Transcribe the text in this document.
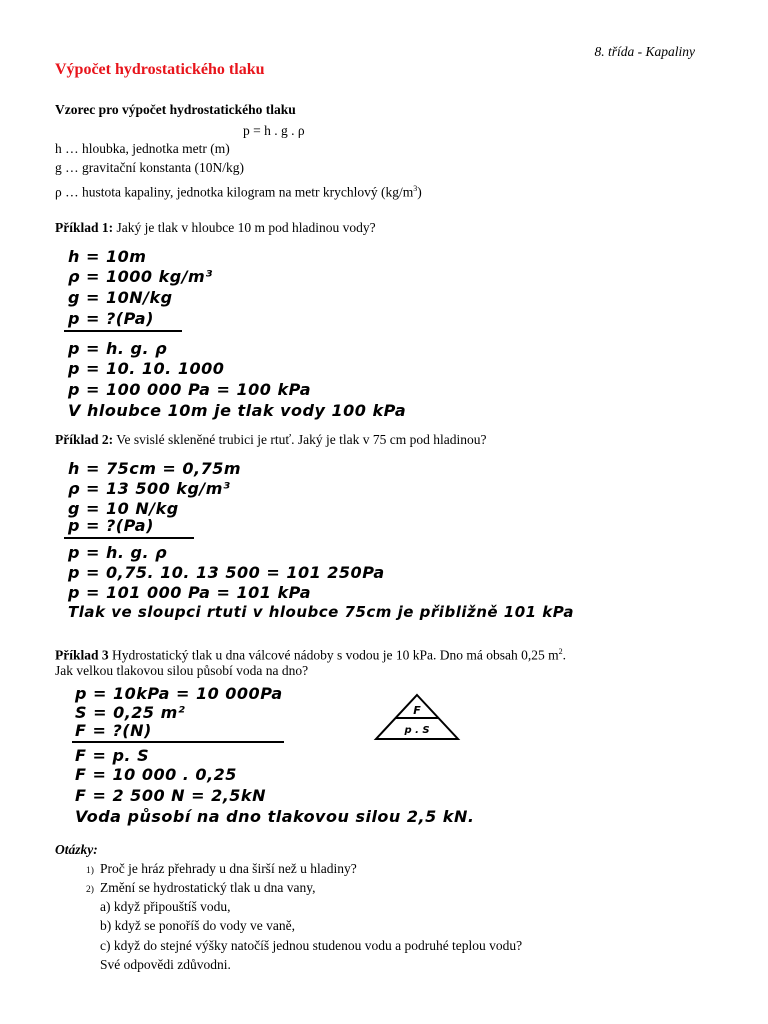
8. třída - Kapaliny
Výpočet hydrostatického tlaku
Vzorec pro výpočet hydrostatického tlaku
p = h . g . ρ
h … hloubka, jednotka metr (m)
g … gravitační konstanta (10N/kg)
ρ … hustota kapaliny, jednotka kilogram na metr krychlový $(kg/m^3)$
Příklad 1: Jaký je tlak v hloubce 10 m pod hladinou vody?
h = 10m
ρ = 1000 kg/m³
g = 10N/kg
p = ?(Pa)
p = h. g. ρ
p = 10. 10. 1000
p = 100 000 Pa = 100 kPa
V hloubce 10m je tlak vody 100 kPa
Příklad 2: Ve svislé skleněné trubici je rtuť. Jaký je tlak v 75 cm pod hladinou?
h = 75cm = 0,75m
ρ = 13 500 kg/m³
g = 10 N/kg
p = ?(Pa)
p = h. g. ρ
p = 0,75. 10. 13 500 = 101 250Pa
p = 101 000 Pa = 101 kPa
Tlak ve sloupci rtuti v hloubce 75cm je přibližně 101 kPa
Příklad 3 Hydrostatický tlak u dna válcové nádoby s vodou je 10 kPa. Dno má obsah 0,25 $m^2$.
Jak velkou tlakovou silou působí voda na dno?
p = 10kPa = 10 000Pa
S = 0,25 m²
F = ?(N)
F = p. S
F = 10 000 . 0,25
F = 2 500 N = 2,5kN
Voda působí na dno tlakovou silou 2,5 kN.
F
p . S
Otázky:
1) Proč je hráz přehrady u dna širší než u hladiny?
2) Změní se hydrostatický tlak u dna vany,
a) když připouštíš vodu,
b) když se ponoříš do vody ve vaně,
c) když do stejné výšky natočíš jednou studenou vodu a podruhé teplou vodu?
Své odpovědi zdůvodni.
